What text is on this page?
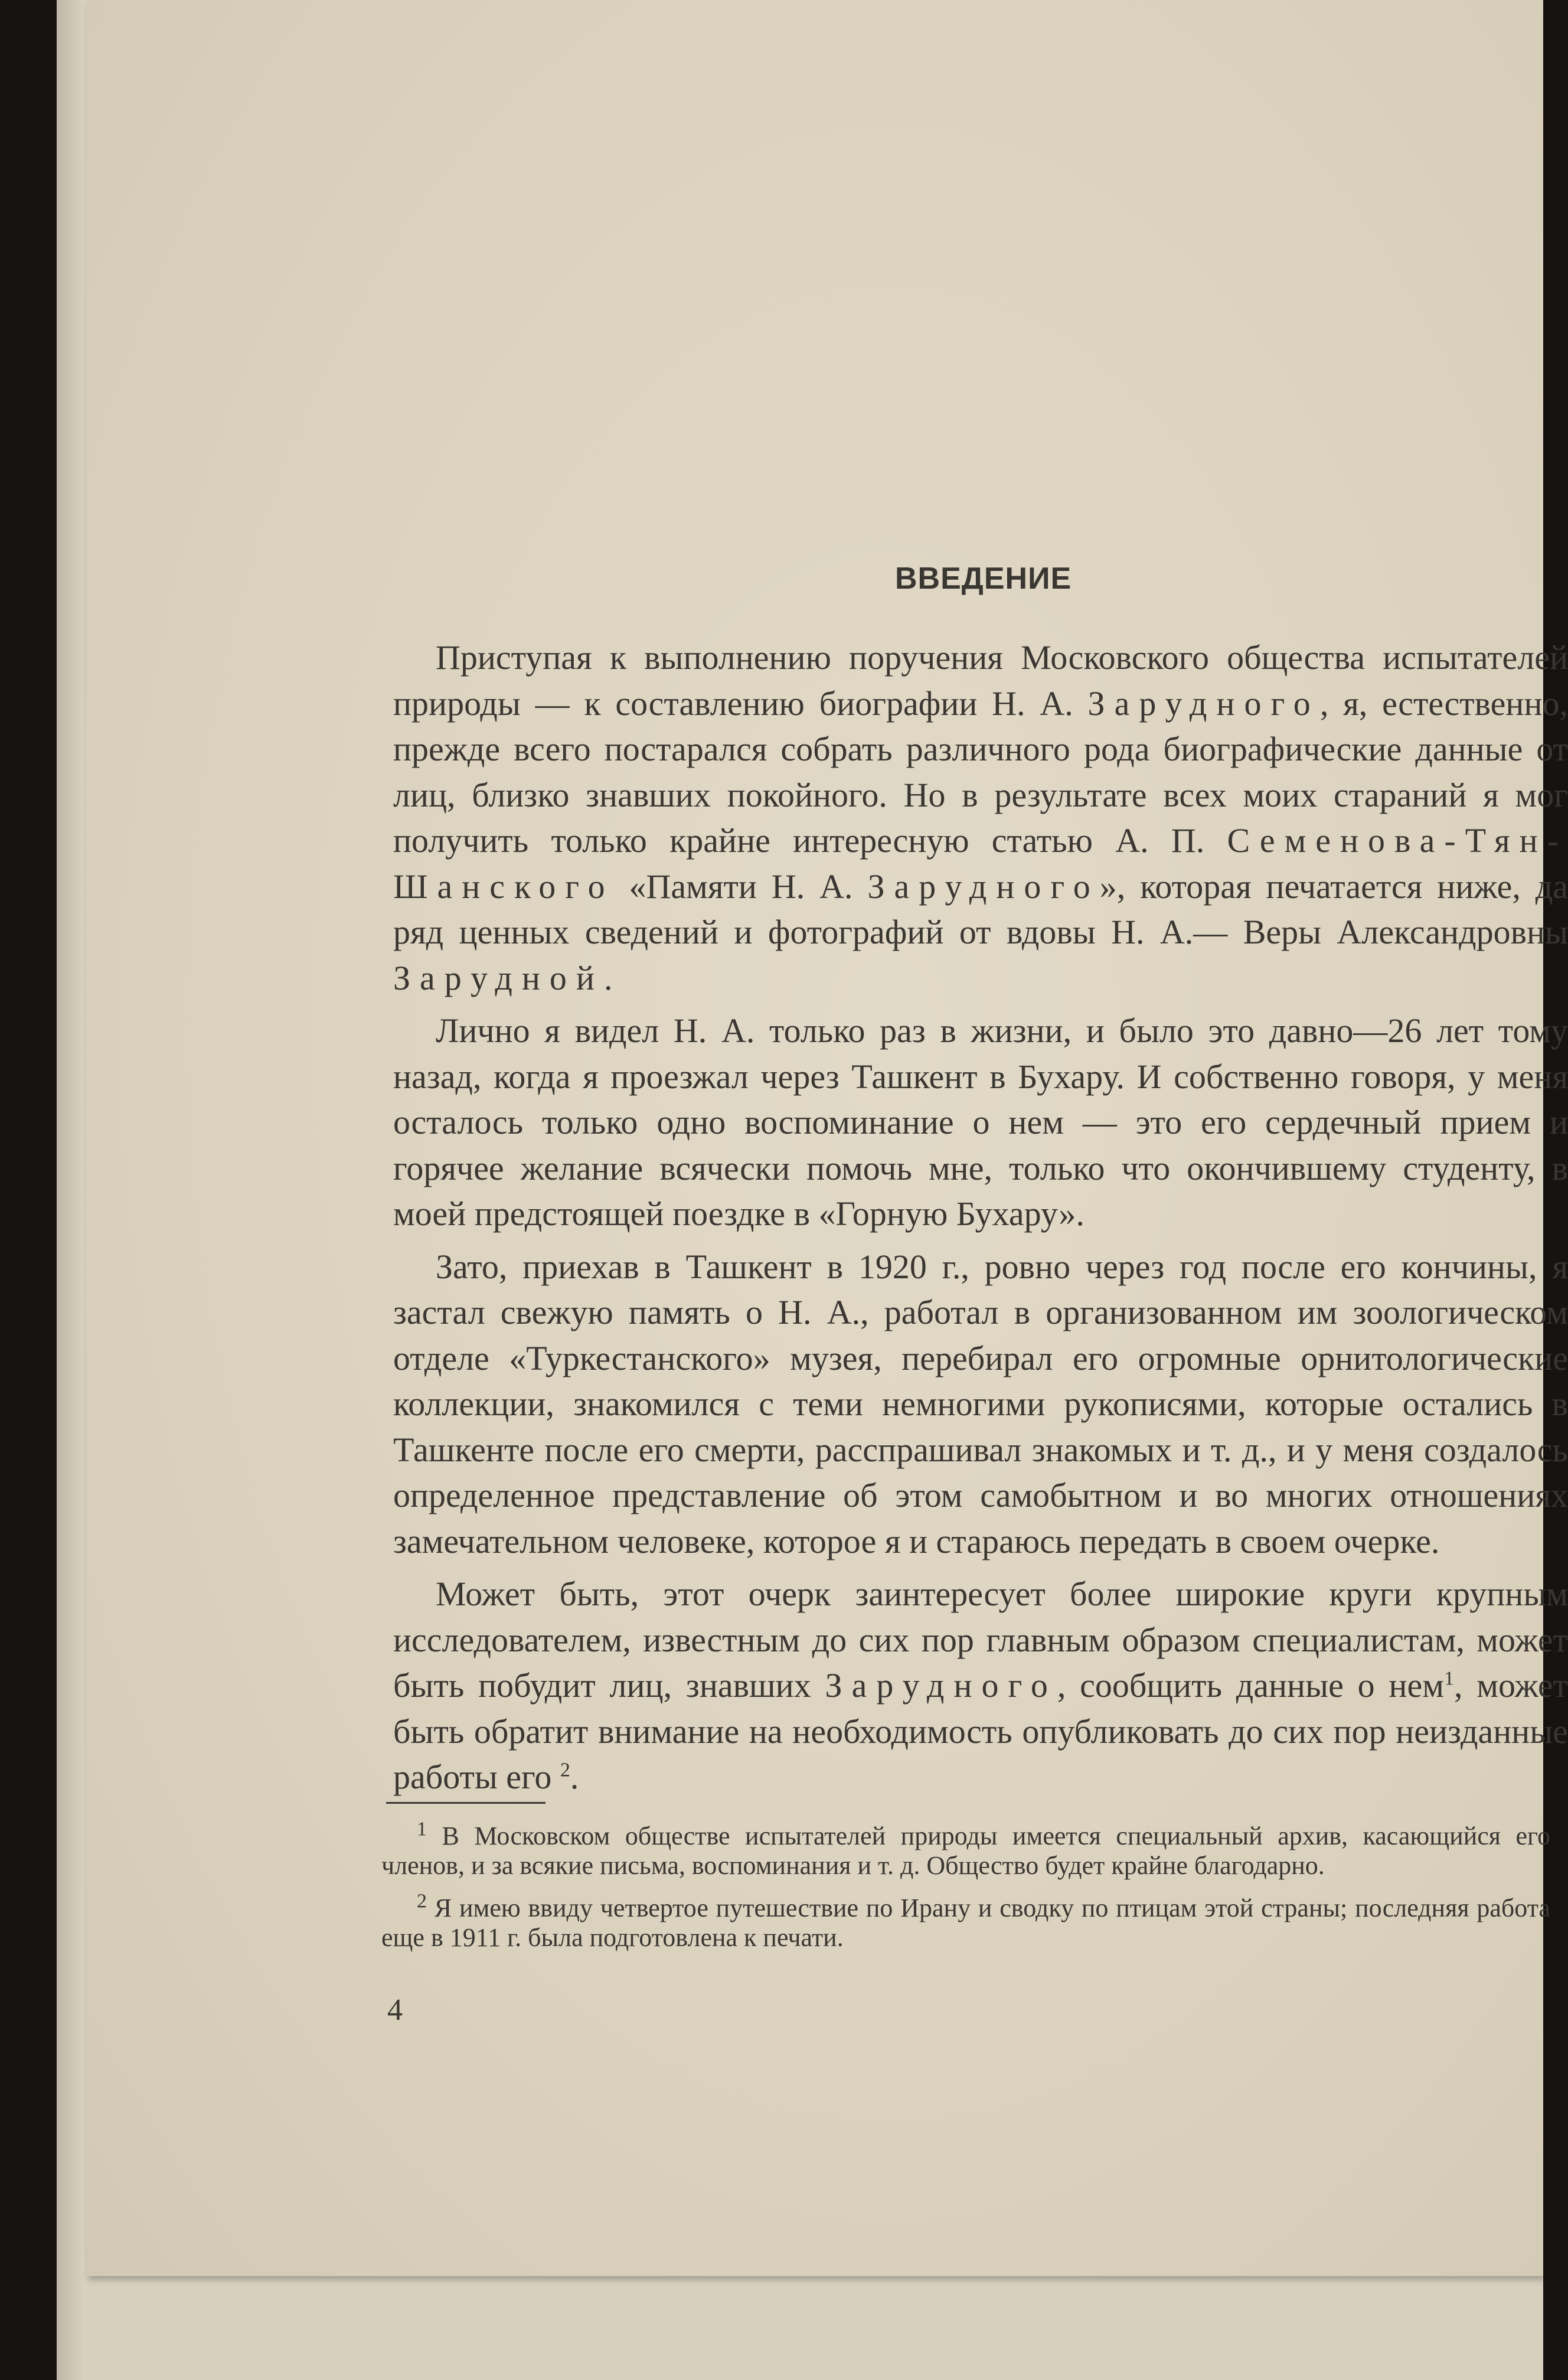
ВВЕДЕНИЕ

Приступая к выполнению поручения Московского общества испытателей природы — к составлению биографии Н. А. Зарудного, я, естественно, прежде всего постарался собрать различного рода биографические данные от лиц, близко знавших покойного. Но в результате всех моих стараний я мог получить только крайне интересную статью А. П. Семенова-Тян-Шанского «Памяти Н. А. Зарудного», которая печатается ниже, да ряд ценных сведений и фотографий от вдовы Н. А.— Веры Александровны Зарудной.

Лично я видел Н. А. только раз в жизни, и было это давно—26 лет тому назад, когда я проезжал через Ташкент в Бухару. И собственно говоря, у меня осталось только одно воспоминание о нем — это его сердечный прием и горячее желание всячески помочь мне, только что окончившему студенту, в моей предстоящей поездке в «Горную Бухару».

Зато, приехав в Ташкент в 1920 г., ровно через год после его кончины, я застал свежую память о Н. А., работал в организованном им зоологическом отделе «Туркестанского» музея, перебирал его огромные орнитологические коллекции, знакомился с теми немногими рукописями, которые остались в Ташкенте после его смерти, расспрашивал знакомых и т. д., и у меня создалось определенное представление об этом самобытном и во многих отношениях замечательном человеке, которое я и стараюсь передать в своем очерке.

Может быть, этот очерк заинтересует более широкие круги крупным исследователем, известным до сих пор главным образом специалистам, может быть побудит лиц, знавших Зарудного, сообщить данные о нем$^1$, может быть обратит внимание на необходимость опубликовать до сих пор неизданные работы его $^2$.

$^1$ В Московском обществе испытателей природы имеется специальный архив, касающийся его членов, и за всякие письма, воспоминания и т. д. Общество будет крайне благодарно.

$^2$ Я имею ввиду четвертое путешествие по Ирану и сводку по птицам этой страны; последняя работа еще в 1911 г. была подготовлена к печати.

4
